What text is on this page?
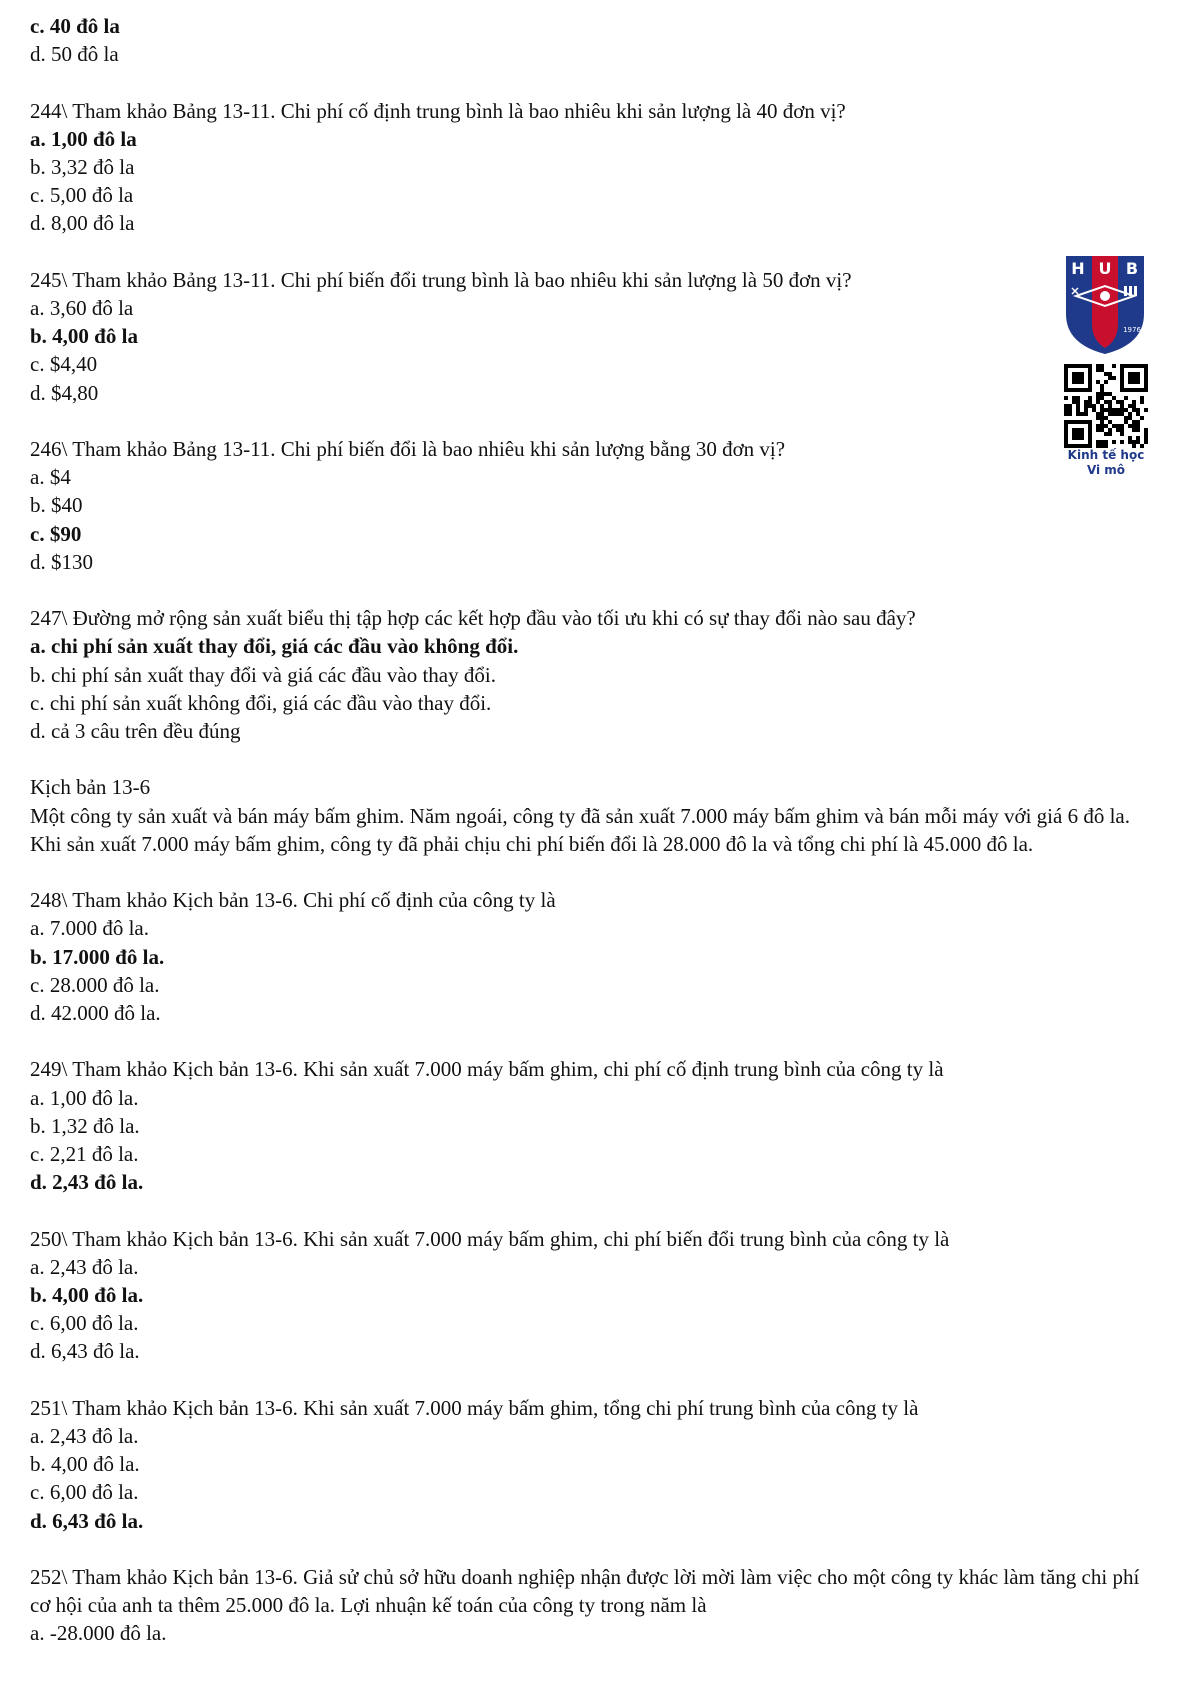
c. 40 đô la
d. 50 đô la
244\ Tham khảo Bảng 13-11. Chi phí cố định trung bình là bao nhiêu khi sản lượng là 40 đơn vị?
a. 1,00 đô la
b. 3,32 đô la
c. 5,00 đô la
d. 8,00 đô la
245\ Tham khảo Bảng 13-11. Chi phí biến đổi trung bình là bao nhiêu khi sản lượng là 50 đơn vị?
a. 3,60 đô la
b. 4,00 đô la
c. $4,40
d. $4,80
246\ Tham khảo Bảng 13-11. Chi phí biến đổi là bao nhiêu khi sản lượng bằng 30 đơn vị?
a. $4
b. $40
c. $90
d. $130
247\ Đường mở rộng sản xuất biểu thị tập hợp các kết hợp đầu vào tối ưu khi có sự thay đổi nào sau đây?
a. chi phí sản xuất thay đổi, giá các đầu vào không đổi.
b. chi phí sản xuất thay đổi và giá các đầu vào thay đổi.
c. chi phí sản xuất không đổi, giá các đầu vào thay đổi.
d. cả 3 câu trên đều đúng
Kịch bản 13-6
Một công ty sản xuất và bán máy bấm ghim. Năm ngoái, công ty đã sản xuất 7.000 máy bấm ghim và bán mỗi máy với giá 6 đô la. Khi sản xuất 7.000 máy bấm ghim, công ty đã phải chịu chi phí biến đổi là 28.000 đô la và tổng chi phí là 45.000 đô la.
248\ Tham khảo Kịch bản 13-6. Chi phí cố định của công ty là
a. 7.000 đô la.
b. 17.000 đô la.
c. 28.000 đô la.
d. 42.000 đô la.
249\ Tham khảo Kịch bản 13-6. Khi sản xuất 7.000 máy bấm ghim, chi phí cố định trung bình của công ty là
a. 1,00 đô la.
b. 1,32 đô la.
c. 2,21 đô la.
d. 2,43 đô la.
250\ Tham khảo Kịch bản 13-6. Khi sản xuất 7.000 máy bấm ghim, chi phí biến đổi trung bình của công ty là
a. 2,43 đô la.
b. 4,00 đô la.
c. 6,00 đô la.
d. 6,43 đô la.
251\ Tham khảo Kịch bản 13-6. Khi sản xuất 7.000 máy bấm ghim, tổng chi phí trung bình của công ty là
a. 2,43 đô la.
b. 4,00 đô la.
c. 6,00 đô la.
d. 6,43 đô la.
252\ Tham khảo Kịch bản 13-6. Giả sử chủ sở hữu doanh nghiệp nhận được lời mời làm việc cho một công ty khác làm tăng chi phí cơ hội của anh ta thêm 25.000 đô la. Lợi nhuận kế toán của công ty trong năm là
a. -28.000 đô la.
H U B
1976
Kinh tế học
Vi mô
